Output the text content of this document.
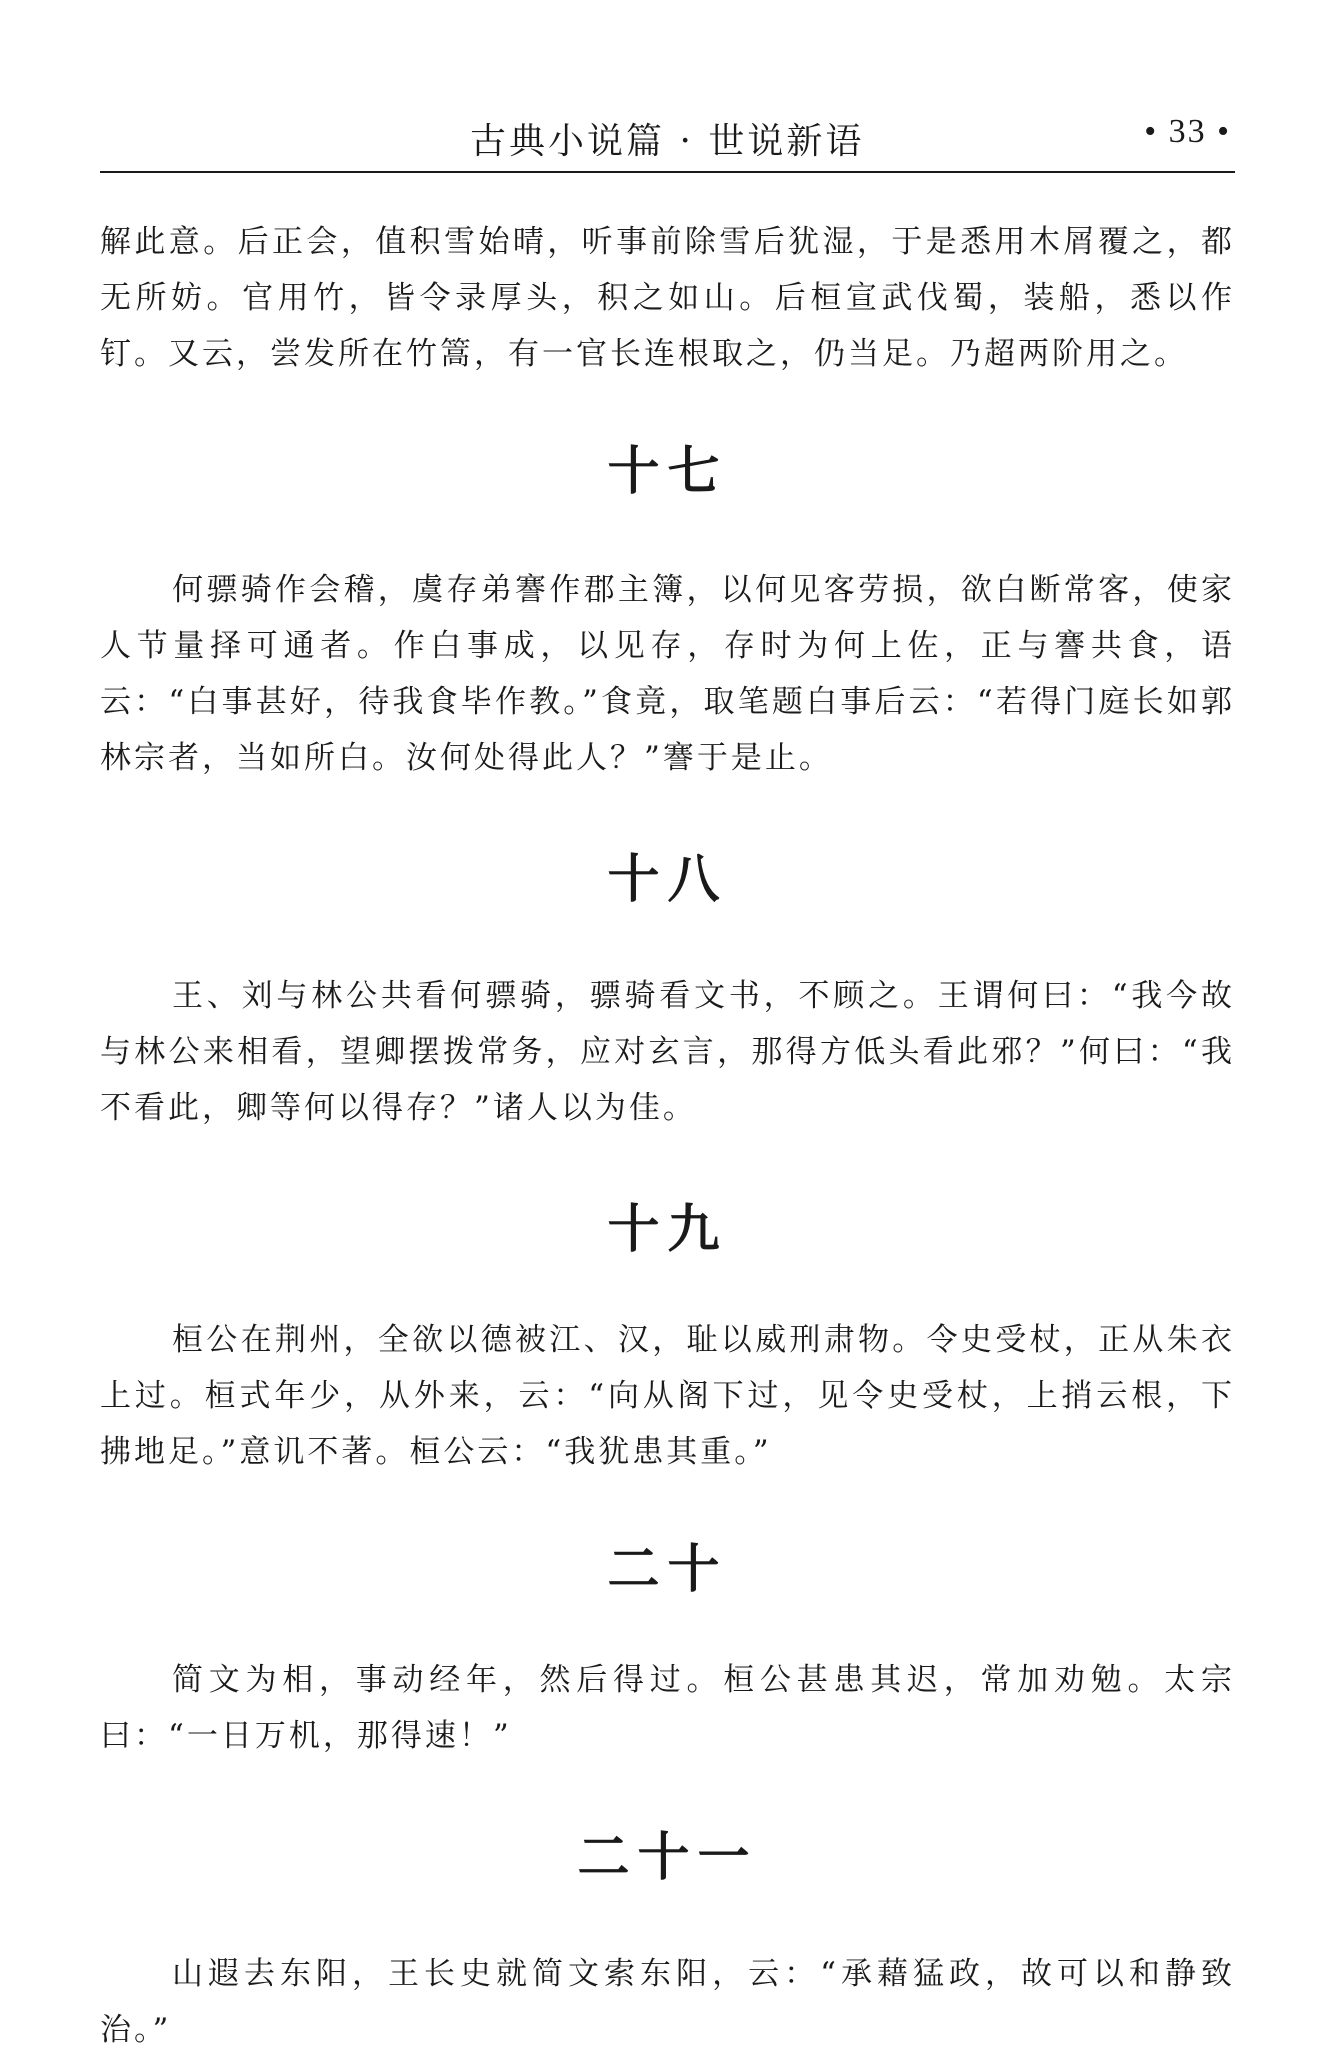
古典小说篇 · 世说新语	• 33 •

解此意。后正会，值积雪始晴，听事前除雪后犹湿，于是悉用木屑覆之，都无所妨。官用竹，皆令录厚头，积之如山。后桓宣武伐蜀，装船，悉以作钉。又云，尝发所在竹篙，有一官长连根取之，仍当足。乃超两阶用之。

十七

何骠骑作会稽，虞存弟謇作郡主簿，以何见客劳损，欲白断常客，使家人节量择可通者。作白事成，以见存，存时为何上佐，正与謇共食，语云：“白事甚好，待我食毕作教。”食竟，取笔题白事后云：“若得门庭长如郭林宗者，当如所白。汝何处得此人？”謇于是止。

十八

王、刘与林公共看何骠骑，骠骑看文书，不顾之。王谓何曰：“我今故与林公来相看，望卿摆拨常务，应对玄言，那得方低头看此邪？”何曰：“我不看此，卿等何以得存？”诸人以为佳。

十九

桓公在荆州，全欲以德被江、汉，耻以威刑肃物。令史受杖，正从朱衣上过。桓式年少，从外来，云：“向从阁下过，见令史受杖，上捎云根，下拂地足。”意讥不著。桓公云：“我犹患其重。”

二十

简文为相，事动经年，然后得过。桓公甚患其迟，常加劝勉。太宗曰：“一日万机，那得速！”

二十一

山遐去东阳，王长史就简文索东阳，云：“承藉猛政，故可以和静致治。”
